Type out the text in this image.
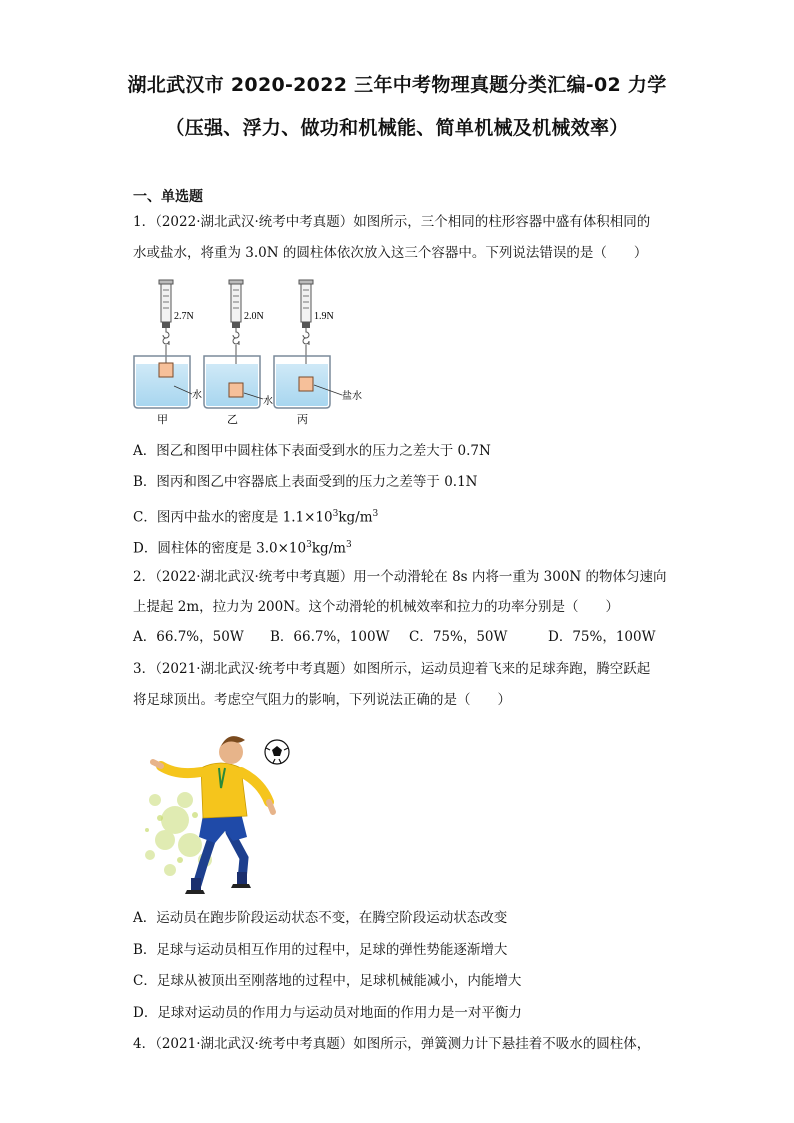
湖北武汉市 2020-2022 三年中考物理真题分类汇编-02 力学
（压强、浮力、做功和机械能、简单机械及机械效率）
一、单选题
1．（2022·湖北武汉·统考中考真题）如图所示，三个相同的柱形容器中盛有体积相同的
水或盐水，将重为 3.0N 的圆柱体依次放入这三个容器中。下列说法错误的是（　　）
2.7N	2.0N	1.9N
水
水	盐水
甲	乙	丙
A．图乙和图甲中圆柱体下表面受到水的压力之差大于 0.7N
B．图丙和图乙中容器底上表面受到的压力之差等于 0.1N
C．图丙中盐水的密度是 $1.1\times 10^3kg/m^3$
D．圆柱体的密度是 $3.0\times 10^3kg/m^3$
2．（2022·湖北武汉·统考中考真题）用一个动滑轮在 8s 内将一重为 300N 的物体匀速向
上提起 2m，拉力为 200N。这个动滑轮的机械效率和拉力的功率分别是（　　）
A．66.7%，50W B．66.7%，100W C．75%，50W	D．75%，100W
3．（2021·湖北武汉·统考中考真题）如图所示，运动员迎着飞来的足球奔跑，腾空跃起
将足球顶出。考虑空气阻力的影响，下列说法正确的是（　　）
A．运动员在跑步阶段运动状态不变，在腾空阶段运动状态改变
B．足球与运动员相互作用的过程中，足球的弹性势能逐渐增大
C．足球从被顶出至刚落地的过程中，足球机械能减小，内能增大
D．足球对运动员的作用力与运动员对地面的作用力是一对平衡力
4．（2021·湖北武汉·统考中考真题）如图所示，弹簧测力计下悬挂着不吸水的圆柱体，
